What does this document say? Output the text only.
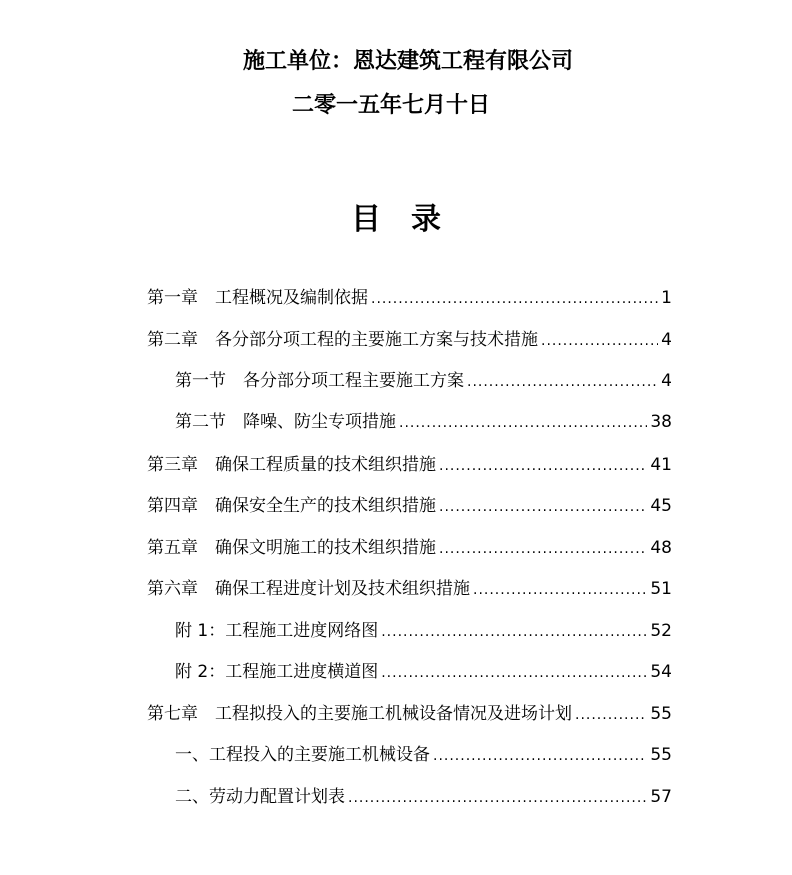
施工单位：恩达建筑工程有限公司
二零一五年七月十日
目录
第一章　工程概况及编制依据 .....	1
第二章　各分部分项工程的主要施工方案与技术措施 .....	4
第一节　各分部分项工程主要施工方案 .....	4
第二节　降噪、防尘专项措施 .....	38
第三章　确保工程质量的技术组织措施 .....	41
第四章　确保安全生产的技术组织措施 .....	45
第五章　确保文明施工的技术组织措施 .....	48
第六章　确保工程进度计划及技术组织措施 .....	51
附 1：工程施工进度网络图 .....	52
附 2：工程施工进度横道图 .....	54
第七章　工程拟投入的主要施工机械设备情况及进场计划 .....	55
一、工程投入的主要施工机械设备 .....	55
二、劳动力配置计划表 .....	57
